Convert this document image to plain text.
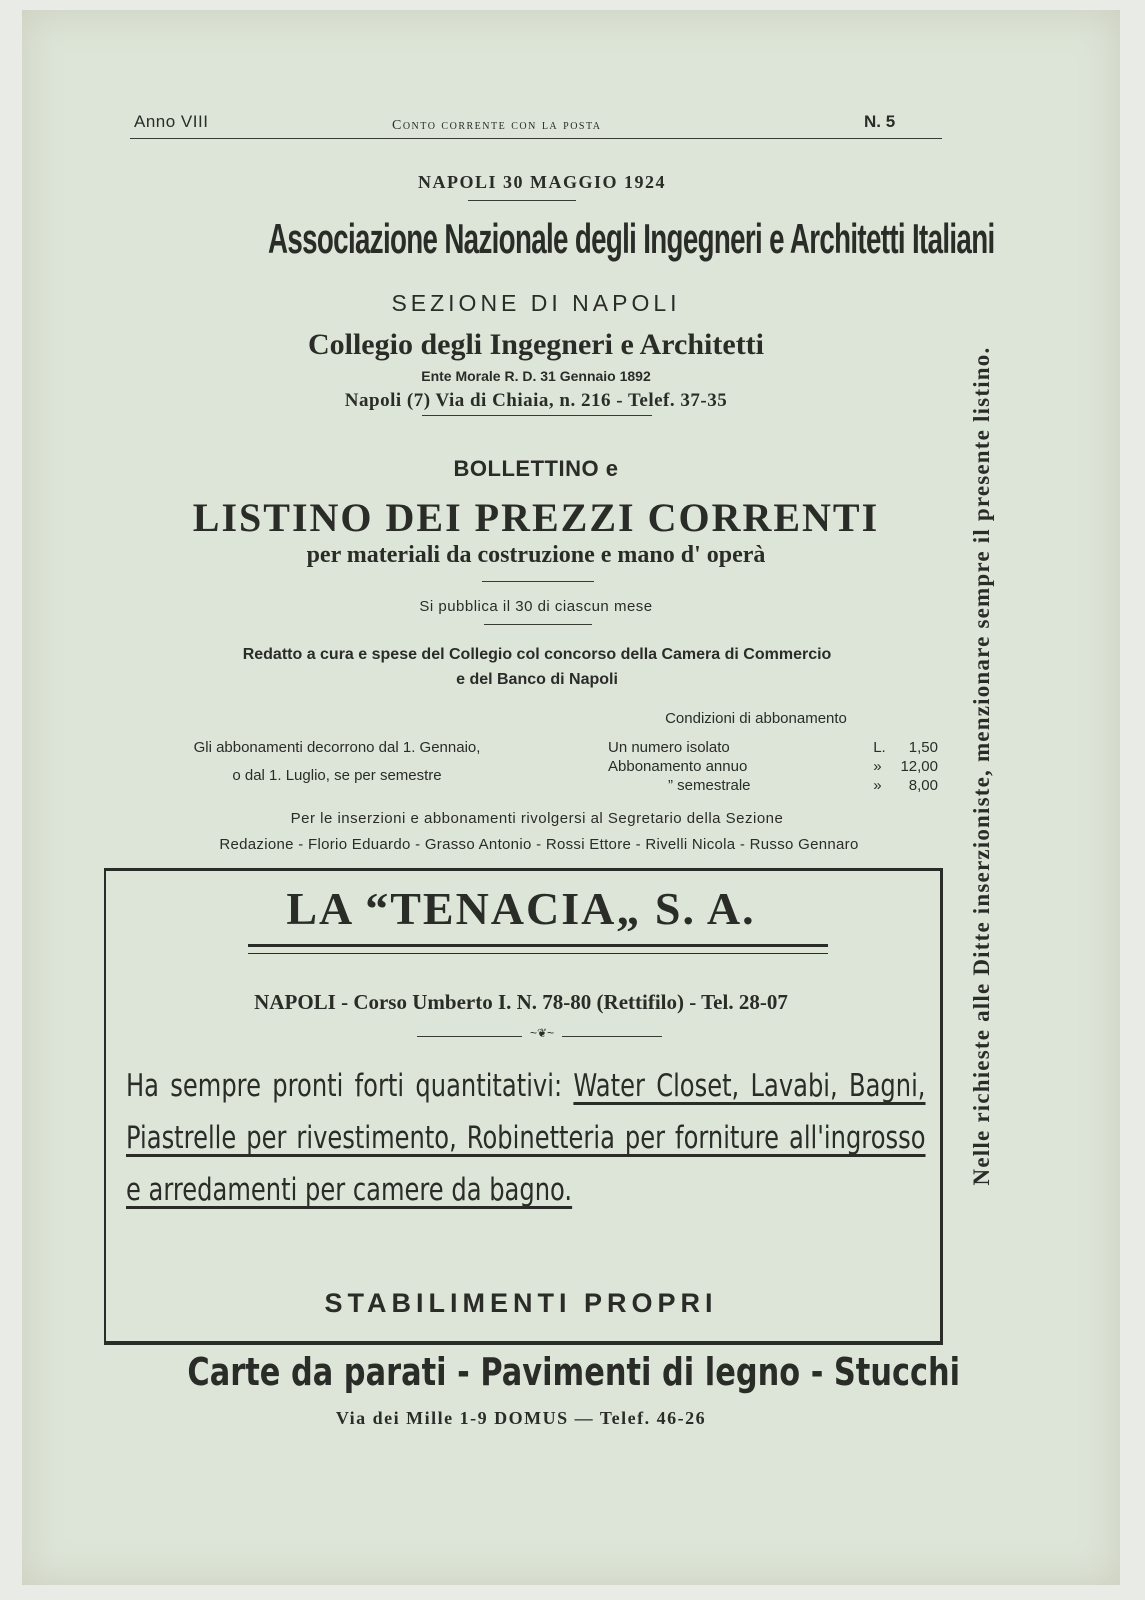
Anno VIII	Conto corrente con la posta	N. 5
NAPOLI 30 MAGGIO 1924
Associazione Nazionale degli Ingegneri e Architetti Italiani
SEZIONE DI NAPOLI
Collegio degli Ingegneri e Architetti
Ente Morale R. D. 31 Gennaio 1892
Napoli (7) Via di Chiaia, n. 216 - Telef. 37-35
BOLLETTINO e
LISTINO DEI PREZZI CORRENTI
per materiali da costruzione e mano d' operà
Si pubblica il 30 di ciascun mese
Redatto a cura e spese del Collegio col concorso della Camera di Commercio
e del Banco di Napoli
Gli abbonamenti decorrono dal 1. Gennaio,
o dal 1. Luglio, se per semestre
Condizioni di abbonamento
Un numero isolato	L.	1,50
Abbonamento annuo	»	12,00
” semestrale	»	8,00
Per le inserzioni e abbonamenti rivolgersi al Segretario della Sezione
Redazione - Florio Eduardo - Grasso Antonio - Rossi Ettore - Rivelli Nicola - Russo Gennaro
LA “TENACIA„ S. A.
NAPOLI - Corso Umberto I. N. 78-80 (Rettifilo) - Tel. 28-07
~❦~
Ha sempre pronti forti quantitativi: Water Closet, Lavabi, Bagni, Piastrelle per rivestimento, Robinetteria per forniture all'ingrosso e arredamenti per camere da bagno.
STABILIMENTI PROPRI
Carte da parati - Pavimenti di legno - Stucchi
Via dei Mille 1-9 DOMUS — Telef. 46-26
Nelle richieste alle Ditte inserzioniste, menzionare sempre il presente listino.
